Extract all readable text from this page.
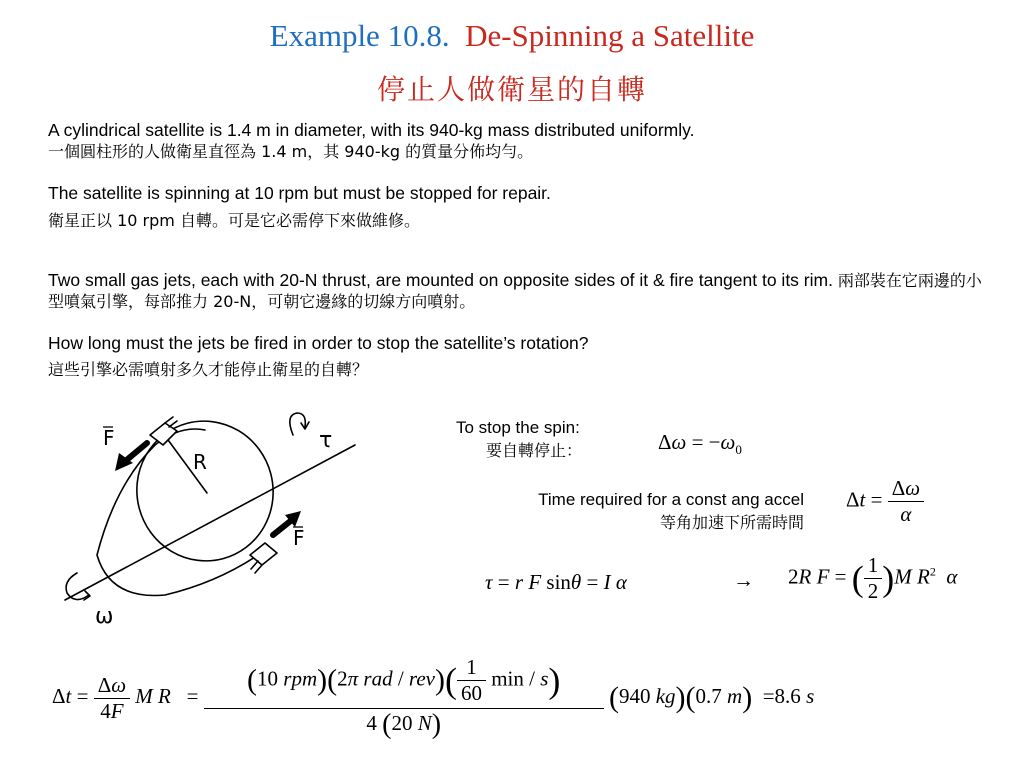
Example 10.8. De-Spinning a Satellite
停止人做衛星的自轉
A cylindrical satellite is 1.4 m in diameter, with its 940-kg mass distributed uniformly.
一個圓柱形的人做衛星直徑為 1.4 m，其 940-kg 的質量分佈均勻。
The satellite is spinning at 10 rpm but must be stopped for repair.
衛星正以 10 rpm 自轉。可是它必需停下來做維修。
Two small gas jets, each with 20-N thrust, are mounted on opposite sides of it & fire tangent to its rim. 兩部裝在它兩邊的小型噴氣引擎，每部推力 20-N，可朝它邊緣的切線方向噴射。
How long must the jets be fired in order to stop the satellite’s rotation?
這些引擎必需噴射多久才能停止衛星的自轉？
F
F
R
τ
ω
To stop the spin:
要自轉停止：	$\Delta\omega = -\omega_0$
Time required for a const ang accel
等角加速下所需時間
$\Delta t = \frac{\Delta\omega}{\alpha}$
τ = r F sinθ = I α	→ 2R F = ( $\frac{1}{2} )M$ $R^2$ α
$\Delta t = \frac{\Delta\omega}{4F}$ M $R = \frac{(10 rpm)(2\pi rad / rev)( \frac{1}{60} \min / s)}{4 (20 N)} (940$ kg)(0.7 m)  =8.6 s
